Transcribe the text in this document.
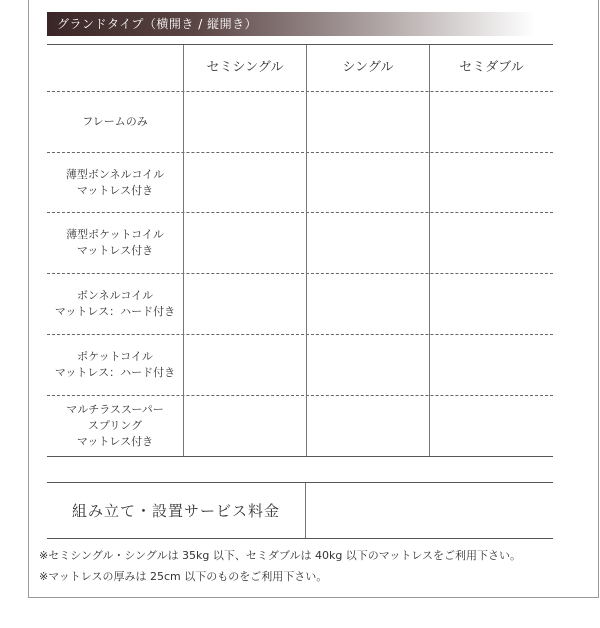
グランドタイプ（横開き / 縦開き）
セミシングル	シングル	セミダブル
フレームのみ
薄型ボンネルコイル
マットレス付き
薄型ポケットコイル
マットレス付き
ボンネルコイル
マットレス：ハード付き
ポケットコイル
マットレス：ハード付き
マルチラススーパー
スプリング
マットレス付き
組み立て・設置サービス料金
※セミシングル・シングルは 35kg 以下、セミダブルは 40kg 以下のマットレスをご利用下さい。
※マットレスの厚みは 25cm 以下のものをご利用下さい。
